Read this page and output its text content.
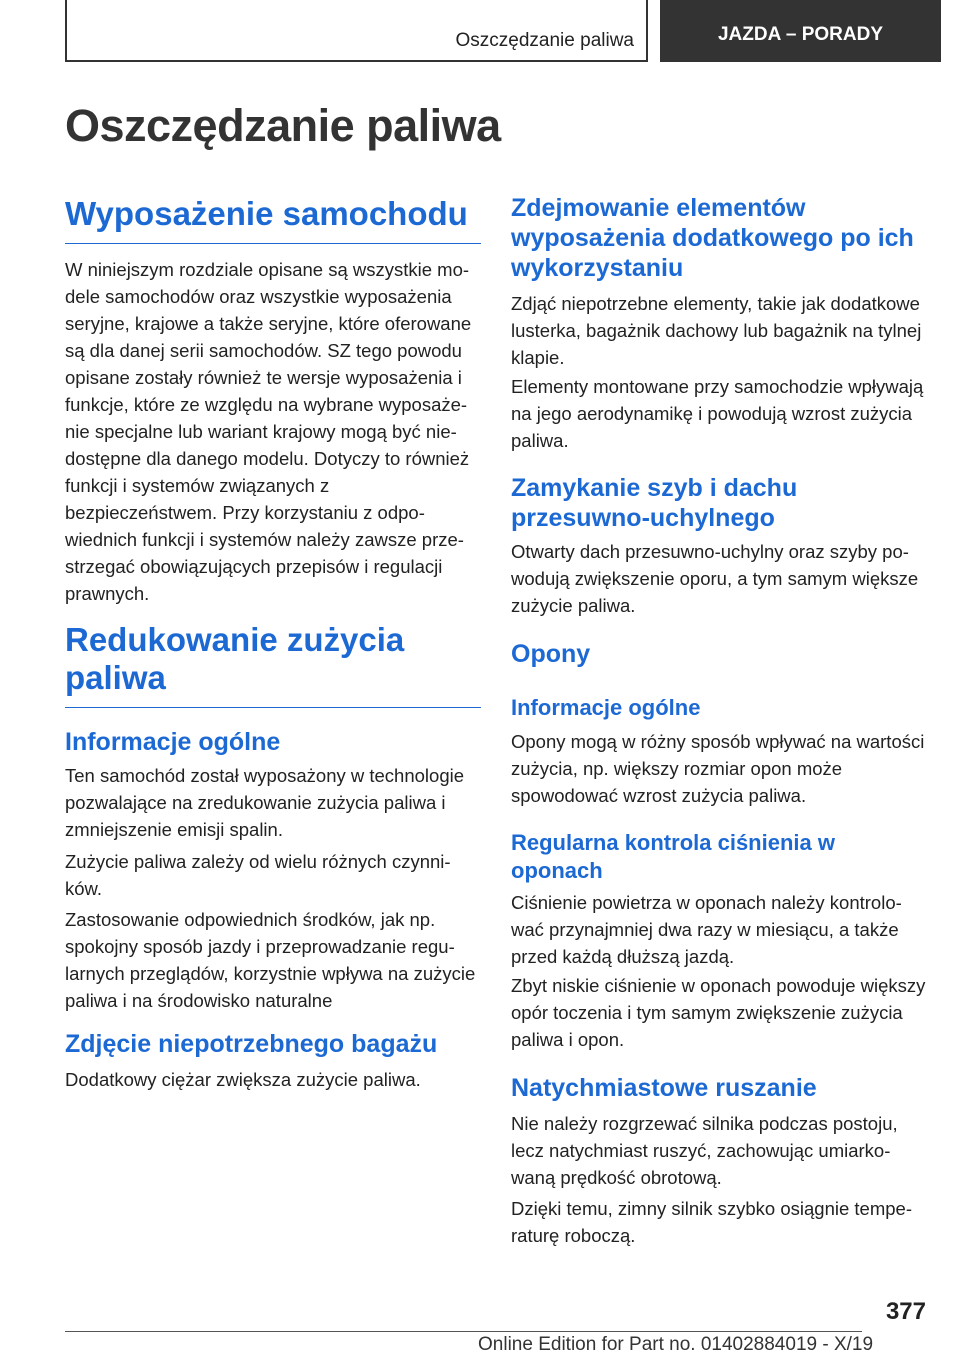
Oszczędzanie paliwa	JAZDA – PORADY
Oszczędzanie paliwa
Wyposażenie samochodu

W niniejszym rozdziale opisane są wszystkie modele samochodów oraz wszystkie wyposażenia seryjne, krajowe a także seryjne, które oferowane są dla danej serii samochodów. SZ tego powodu opisane zostały również te wersje wyposażenia i funkcje, które ze względu na wybrane wyposażenie specjalne lub wariant krajowy mogą być niedostępne dla danego modelu. Dotyczy to również funkcji i systemów związanych z bezpieczeństwem. Przy korzystaniu z odpowiednich funkcji i systemów należy zawsze przestrzegać obowiązujących przepisów i regulacji prawnych.

Redukowanie zużycia paliwa
Informacje ogólne

Ten samochód został wyposażony w technologie pozwalające na zredukowanie zużycia paliwa i zmniejszenie emisji spalin.

Zużycie paliwa zależy od wielu różnych czynników.

Zastosowanie odpowiednich środków, jak np. spokojny sposób jazdy i przeprowadzanie regularnych przeglądów, korzystnie wpływa na zużycie paliwa i na środowisko naturalne

Zdjęcie niepotrzebnego bagażu

Dodatkowy ciężar zwiększa zużycie paliwa.

Zdejmowanie elementów wyposażenia dodatkowego po ich wykorzystaniu

Zdjąć niepotrzebne elementy, takie jak dodatkowe lusterka, bagażnik dachowy lub bagażnik na tylnej klapie.

Elementy montowane przy samochodzie wpływają na jego aerodynamikę i powodują wzrost zużycia paliwa.

Zamykanie szyb i dachu przesuwno-uchylnego

Otwarty dach przesuwno-uchylny oraz szyby powodują zwiększenie oporu, a tym samym większe zużycie paliwa.

Opony
Informacje ogólne

Opony mogą w różny sposób wpływać na wartości zużycia, np. większy rozmiar opon może spowodować wzrost zużycia paliwa.

Regularna kontrola ciśnienia w oponach

Ciśnienie powietrza w oponach należy kontrolować przynajmniej dwa razy w miesiącu, a także przed każdą dłuższą jazdą.

Zbyt niskie ciśnienie w oponach powoduje większy opór toczenia i tym samym zwiększenie zużycia paliwa i opon.

Natychmiastowe ruszanie

Nie należy rozgrzewać silnika podczas postoju, lecz natychmiast ruszyć, zachowując umiarkowaną prędkość obrotową.

Dzięki temu, zimny silnik szybko osiągnie temperaturę roboczą.

377
Online Edition for Part no. 01402884019 - X/19
